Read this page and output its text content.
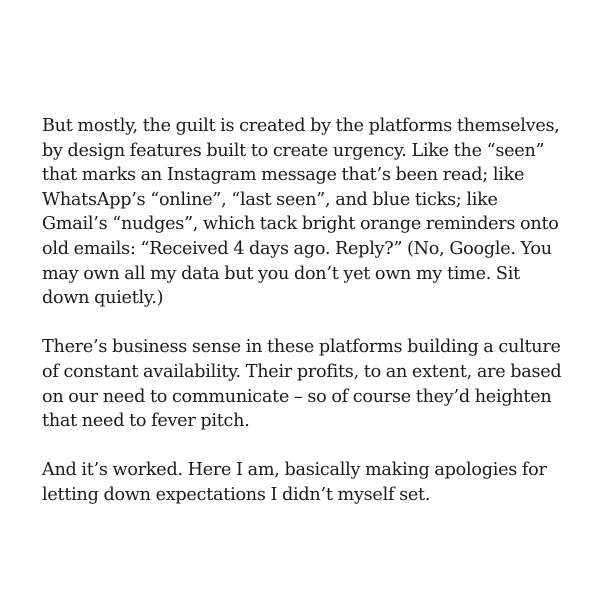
But mostly, the guilt is created by the platforms themselves,
by design features built to create urgency. Like the “seen”
that marks an Instagram message that’s been read; like
WhatsApp’s “online”, “last seen”, and blue ticks; like
Gmail’s “nudges”, which tack bright orange reminders onto
old emails: “Received 4 days ago. Reply?” (No, Google. You
may own all my data but you don’t yet own my time. Sit
down quietly.)

There’s business sense in these platforms building a culture
of constant availability. Their profits, to an extent, are based
on our need to communicate – so of course they’d heighten
that need to fever pitch.

And it’s worked. Here I am, basically making apologies for
letting down expectations I didn’t myself set.
